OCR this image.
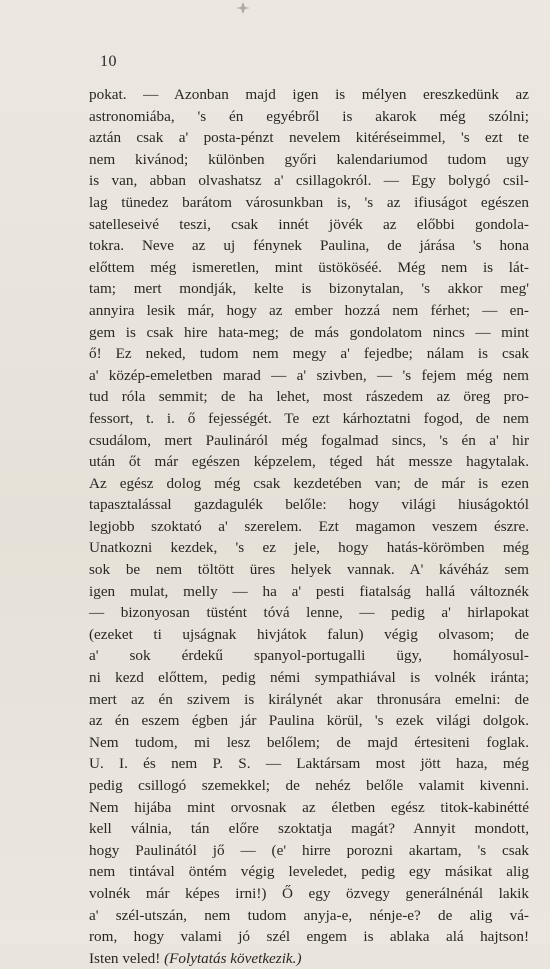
10
pokat. — Azonban majd igen is mélyen ereszkedünk az
astronomiába, 's én egyébről is akarok még szólni;
aztán csak a' posta-pénzt nevelem kitéréseimmel, 's ezt te
nem kivánod; különben győri kalendariumod tudom ugy
is van, abban olvashatsz a' csillagokról. — Egy bolygó csil-
lag tünedez barátom városunkban is, 's az ifiuságot egészen
satelleseivé teszi, csak innét jövék az előbbi gondola-
tokra. Neve az uj fénynek Paulina, de járása 's hona
előttem még ismeretlen, mint üstököséé. Még nem is lát-
tam; mert mondják, kelte is bizonytalan, 's akkor meg'
annyira lesik már, hogy az ember hozzá nem férhet; — en-
gem is csak hire hata-meg; de más gondolatom nincs — mint
ő! Ez neked, tudom nem megy a' fejedbe; nálam is csak
a' közép-emeletben marad — a' szivben, — 's fejem még nem
tud róla semmit; de ha lehet, most rászedem az öreg pro-
fessort, t. i. ő fejességét. Te ezt kárhoztatni fogod, de nem
csudálom, mert Paulináról még fogalmad sincs, 's én a' hir
után őt már egészen képzelem, téged hát messze hagytalak.
Az egész dolog még csak kezdetében van; de már is ezen
tapasztalással gazdagulék belőle: hogy világi hiuságoktól
legjobb szoktató a' szerelem. Ezt magamon veszem észre.
Unatkozni kezdek, 's ez jele, hogy hatás-körömben még
sok be nem töltött üres helyek vannak. A' kávéház sem
igen mulat, melly — ha a' pesti fiatalság hallá változnék
— bizonyosan tüstént tóvá lenne, — pedig a' hirlapokat
(ezeket ti ujságnak hivjátok falun) végig olvasom; de
a' sok érdekű spanyol-portugalli ügy, homályosul-
ni kezd előttem, pedig némi sympathiával is volnék iránta;
mert az én szivem is királynét akar thronusára emelni: de
az én eszem égben jár Paulina körül, 's ezek világi dolgok.
Nem tudom, mi lesz belőlem; de majd értesiteni foglak.
U. I. és nem P. S. — Laktársam most jött haza, még
pedig csillogó szemekkel; de nehéz belőle valamit kivenni.
Nem hijába mint orvosnak az életben egész titok-kabinétté
kell válnia, tán előre szoktatja magát? Annyit mondott,
hogy Paulinától jő — (e' hirre porozni akartam, 's csak
nem tintával öntém végig leveledet, pedig egy másikat alig
volnék már képes irni!) Ő egy özvegy generálnénál lakik
a' szél-utszán, nem tudom anyja-e, nénje-e? de alig vá-
rom, hogy valami jó szél engem is ablaka alá hajtson!
Isten veled! (Folytatás következik.)
